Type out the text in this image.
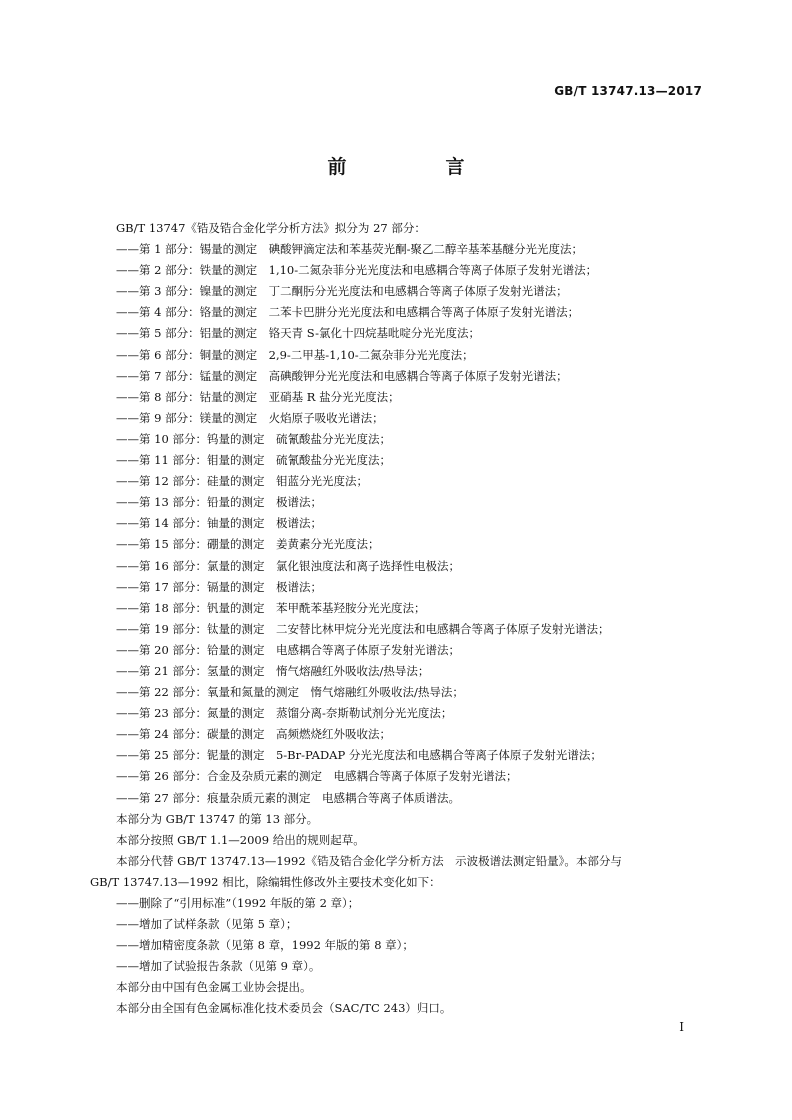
GB/T 13747.13—2017
前　言
GB/T 13747《锆及锆合金化学分析方法》拟分为 27 部分：
——第 1 部分：锡量的测定　碘酸钾滴定法和苯基荧光酮-聚乙二醇辛基苯基醚分光光度法；
——第 2 部分：铁量的测定　1,10-二氮杂菲分光光度法和电感耦合等离子体原子发射光谱法；
——第 3 部分：镍量的测定　丁二酮肟分光光度法和电感耦合等离子体原子发射光谱法；
——第 4 部分：铬量的测定　二苯卡巴肼分光光度法和电感耦合等离子体原子发射光谱法；
——第 5 部分：铝量的测定　铬天青 S-氯化十四烷基吡啶分光光度法；
——第 6 部分：铜量的测定　2,9-二甲基-1,10-二氮杂菲分光光度法；
——第 7 部分：锰量的测定　高碘酸钾分光光度法和电感耦合等离子体原子发射光谱法；
——第 8 部分：钴量的测定　亚硝基 R 盐分光光度法；
——第 9 部分：镁量的测定　火焰原子吸收光谱法；
——第 10 部分：钨量的测定　硫氰酸盐分光光度法；
——第 11 部分：钼量的测定　硫氰酸盐分光光度法；
——第 12 部分：硅量的测定　钼蓝分光光度法；
——第 13 部分：铅量的测定　极谱法；
——第 14 部分：铀量的测定　极谱法；
——第 15 部分：硼量的测定　姜黄素分光光度法；
——第 16 部分：氯量的测定　氯化银浊度法和离子选择性电极法；
——第 17 部分：镉量的测定　极谱法；
——第 18 部分：钒量的测定　苯甲酰苯基羟胺分光光度法；
——第 19 部分：钛量的测定　二安替比林甲烷分光光度法和电感耦合等离子体原子发射光谱法；
——第 20 部分：铪量的测定　电感耦合等离子体原子发射光谱法；
——第 21 部分：氢量的测定　惰气熔融红外吸收法/热导法；
——第 22 部分：氧量和氮量的测定　惰气熔融红外吸收法/热导法；
——第 23 部分：氮量的测定　蒸馏分离-奈斯勒试剂分光光度法；
——第 24 部分：碳量的测定　高频燃烧红外吸收法；
——第 25 部分：铌量的测定　5-Br-PADAP 分光光度法和电感耦合等离子体原子发射光谱法；
——第 26 部分：合金及杂质元素的测定　电感耦合等离子体原子发射光谱法；
——第 27 部分：痕量杂质元素的测定　电感耦合等离子体质谱法。
本部分为 GB/T 13747 的第 13 部分。
本部分按照 GB/T 1.1—2009 给出的规则起草。
本部分代替 GB/T 13747.13—1992《锆及锆合金化学分析方法　示波极谱法测定铅量》。本部分与
GB/T 13747.13—1992 相比，除编辑性修改外主要技术变化如下：
——删除了“引用标准”（1992 年版的第 2 章）；
——增加了试样条款（见第 5 章）；
——增加精密度条款（见第 8 章，1992 年版的第 8 章）；
——增加了试验报告条款（见第 9 章）。
本部分由中国有色金属工业协会提出。
本部分由全国有色金属标准化技术委员会（SAC/TC 243）归口。
I
